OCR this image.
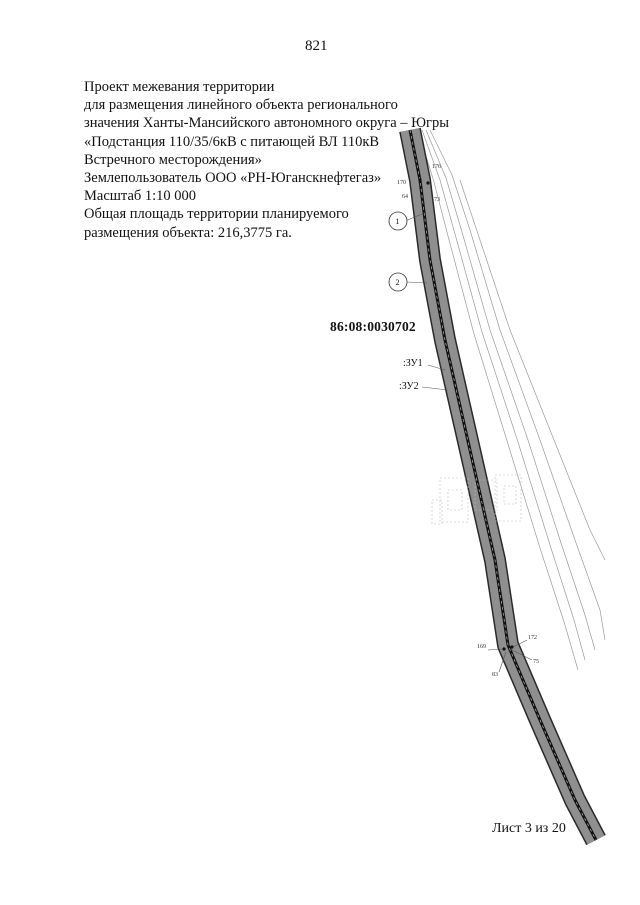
170
64
176
73
169
83
172
75
1
2
821
Проект межевания территории
для размещения линейного объекта регионального
значения Ханты-Мансийского автономного округа – Югры
«Подстанция 110/35/6кВ с питающей ВЛ 110кВ
Встречного месторождения»
Землепользователь ООО «РН-Юганскнефтегаз»
Масштаб 1:10 000
Общая площадь территории планируемого
размещения объекта: 216,3775 га.
86:08:0030702
:ЗУ1
:ЗУ2
Лист 3 из 20
